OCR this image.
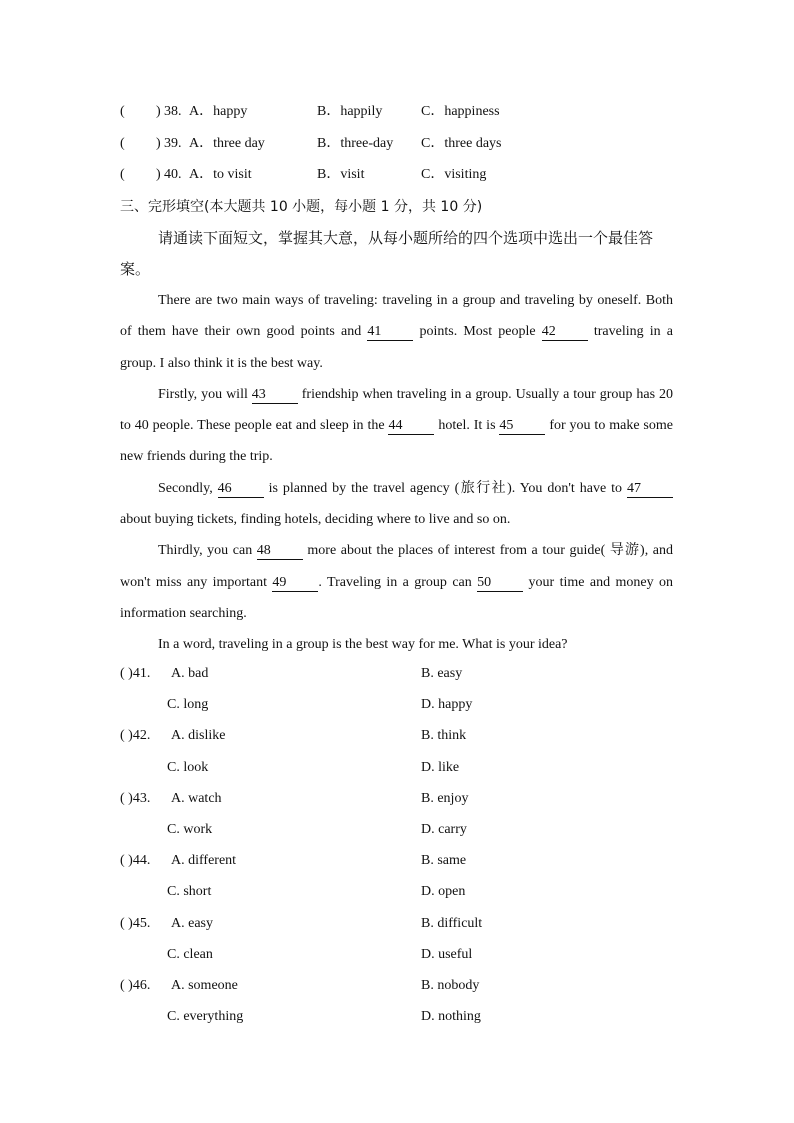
( ) 38. A．happy	B．happily	C．happiness
( ) 39. A．three day	B．three-day C．three days
( ) 40. A．to visit	B．visit	C．visiting
三、完形填空(本大题共 10 小题，每小题 1 分，共 10 分)

请通读下面短文，掌握其大意，从每小题所给的四个选项中选出一个最佳答案。

There are two main ways of traveling: traveling in a group and traveling by oneself. Both of them have their own good points and 41 points. Most people 42 traveling in a group. I also think it is the best way.

Firstly, you will 43 friendship when traveling in a group. Usually a tour group has 20 to 40 people. These people eat and sleep in the 44 hotel. It is 45 for you to make some new friends during the trip.

Secondly, 46 is planned by the travel agency (旅行社). You don't have to 47 about buying tickets, finding hotels, deciding where to live and so on.

Thirdly, you can 48 more about the places of interest from a tour guide( 导游), and won't miss any important 49 . Traveling in a group can 50 your time and money on information searching.

In a word, traveling in a group is the best way for me. What is your idea?

( )41. A. bad	B. easy
C. long	D. happy
( )42. A. dislike	B. think
C. look	D. like
( )43. A. watch	B. enjoy
C. work	D. carry
( )44. A. different	B. same
C. short	D. open
( )45. A. easy	B. difficult
C. clean	D. useful
( )46. A. someone	B. nobody
C. everything	D. nothing
